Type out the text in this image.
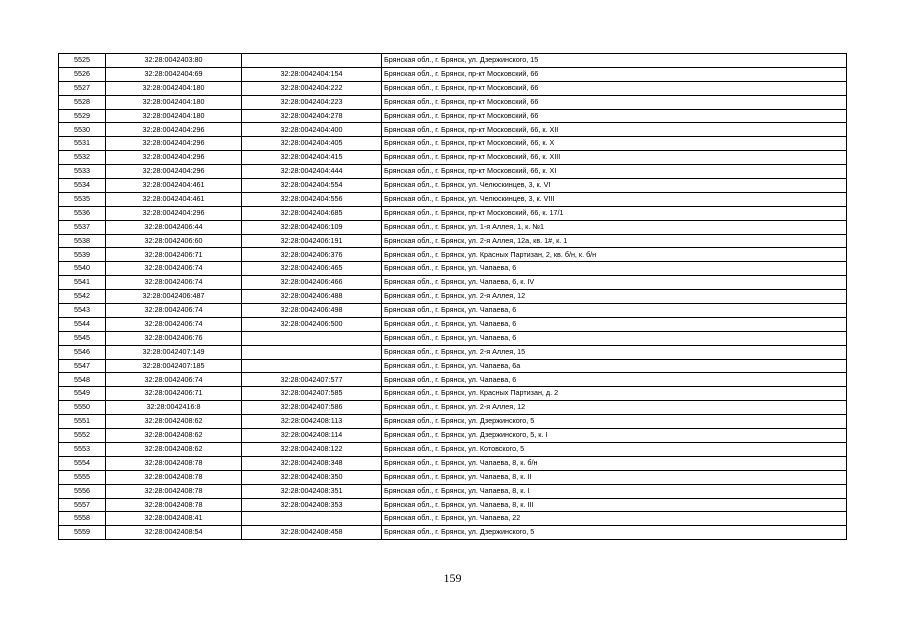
5525	32:28:0042403:80		Брянская обл., г. Брянск, ул. Дзержинского, 15
5526	32:28:0042404:69	32:28:0042404:154	Брянская обл., г. Брянск, пр-кт Московский, 66
5527	32:28:0042404:180	32:28:0042404:222	Брянская обл., г. Брянск, пр-кт Московский, 66
5528	32:28:0042404:180	32:28:0042404:223	Брянская обл., г. Брянск, пр-кт Московский, 66
5529	32:28:0042404:180	32:28:0042404:278	Брянская обл., г. Брянск, пр-кт Московский, 66
5530	32:28:0042404:296	32:28:0042404:400	Брянская обл., г. Брянск, пр-кт Московский, 66, к. XII
5531	32:28:0042404:296	32:28:0042404:405	Брянская обл., г. Брянск, пр-кт Московский, 66, к. X
5532	32:28:0042404:296	32:28:0042404:415	Брянская обл., г. Брянск, пр-кт Московский, 66, к. XIII
5533	32:28:0042404:296	32:28:0042404:444	Брянская обл., г. Брянск, пр-кт Московский, 66, к. XI
5534	32:28:0042404:461	32:28:0042404:554	Брянская обл., г. Брянск, ул. Челюскинцев, 3, к. VI
5535	32:28:0042404:461	32:28:0042404:556	Брянская обл., г. Брянск, ул. Челюскинцев, 3, к. VIII
5536	32:28:0042404:296	32:28:0042404:685	Брянская обл., г. Брянск, пр-кт Московский, 66, к. 17/1
5537	32:28:0042406:44	32:28:0042406:109	Брянская обл., г. Брянск, ул. 1-я Аллея, 1, к. №1
5538	32:28:0042406:60	32:28:0042406:191	Брянская обл., г. Брянск, ул. 2-я Аллея, 12а, кв. 1#, к. 1
5539	32:28:0042406:71	32:28:0042406:376	Брянская обл., г. Брянск, ул. Красных Партизан, 2, кв. б/н, к. б/н
5540	32:28:0042406:74	32:28:0042406:465	Брянская обл., г. Брянск, ул. Чапаева, 6
5541	32:28:0042406:74	32:28:0042406:466	Брянская обл., г. Брянск, ул. Чапаева, 6, к. IV
5542	32:28:0042406:487	32:28:0042406:488	Брянская обл., г. Брянск, ул. 2-я Аллея, 12
5543	32:28:0042406:74	32:28:0042406:498	Брянская обл., г. Брянск, ул. Чапаева, 6
5544	32:28:0042406:74	32:28:0042406:500	Брянская обл., г. Брянск, ул. Чапаева, 6
5545	32:28:0042406:76		Брянская обл., г. Брянск, ул. Чапаева, 6
5546	32:28:0042407:149		Брянская обл., г. Брянск, ул. 2-я Аллея, 15
5547	32:28:0042407:185		Брянская обл., г. Брянск, ул. Чапаева, 6а
5548	32:28:0042406:74	32:28:0042407:577	Брянская обл., г. Брянск, ул. Чапаева, 6
5549	32:28:0042406:71	32:28:0042407:585	Брянская обл., г. Брянск, ул. Красных Партизан, д. 2
5550	32:28:0042416:8	32:28:0042407:586	Брянская обл., г. Брянск, ул. 2-я Аллея, 12
5551	32:28:0042408:62	32:28:0042408:113	Брянская обл., г. Брянск, ул. Дзержинского, 5
5552	32:28:0042408:62	32:28:0042408:114	Брянская обл., г. Брянск, ул. Дзержинского, 5, к. I
5553	32:28:0042408:62	32:28:0042408:122	Брянская обл., г. Брянск, ул. Котовского, 5
5554	32:28:0042408:78	32:28:0042408:348	Брянская обл., г. Брянск, ул. Чапаева, 8, к. б/н
5555	32:28:0042408:78	32:28:0042408:350	Брянская обл., г. Брянск, ул. Чапаева, 8, к. II
5556	32:28:0042408:78	32:28:0042408:351	Брянская обл., г. Брянск, ул. Чапаева, 8, к. I
5557	32:28:0042408:78	32:28:0042408:353	Брянская обл., г. Брянск, ул. Чапаева, 8, к. III
5558	32:28:0042408:41		Брянская обл., г. Брянск, ул. Чапаева, 22
5559	32:28:0042408:54	32:28:0042408:458	Брянская обл., г. Брянск, ул. Дзержинского, 5
159
